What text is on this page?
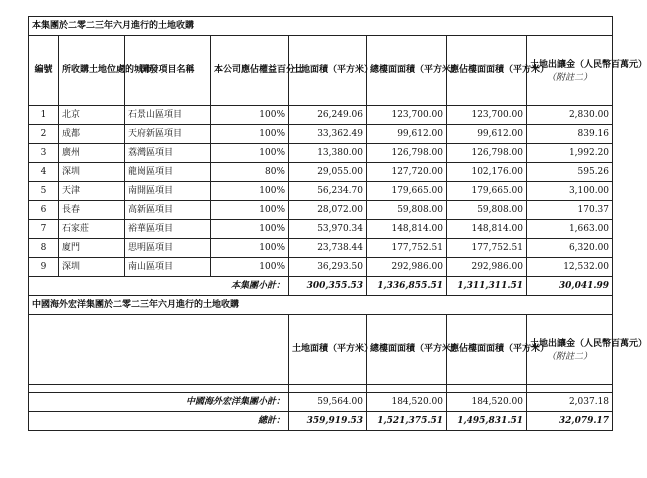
本集團於二零二三年六月進行的土地收購							
編號	所收購土地位處的城市	開發項目名稱	本公司應佔權益百分比	土地面積（平方米）	總樓面面積（平方米）	應佔樓面面積（平方米）	土地出讓金（人民幣百萬元）
（附註二）

1	北京	石景山區項目	100%	26,249.06	123,700.00	123,700.00	2,830.00
2	成都	天府新區項目	100%	33,362.49	99,612.00	99,612.00	839.16
3	廣州	荔灣區項目	100%	13,380.00	126,798.00	126,798.00	1,992.20
4	深圳	龍崗區項目	80%	29,055.00	127,720.00	102,176.00	595.26
5	天津	南開區項目	100%	56,234.70	179,665.00	179,665.00	3,100.00
6	長春	高新區項目	100%	28,072.00	59,808.00	59,808.00	170.37
7	石家莊	裕華區項目	100%	53,970.34	148,814.00	148,814.00	1,663.00
8	廈門	思明區項目	100%	23,738.44	177,752.51	177,752.51	6,320.00
9	深圳	南山區項目	100%	36,293.50	292,986.00	292,986.00	12,532.00
本集團小計：				300,355.53	1,336,855.51	1,311,311.51	30,041.99
中國海外宏洋集團於二零二三年六月進行的土地收購							
				土地面積（平方米）	總樓面面積（平方米）	應佔樓面面積（平方米）	土地出讓金（人民幣百萬元）
（附註二）

中國海外宏洋集團小計：				59,564.00	184,520.00	184,520.00	2,037.18
總計：				359,919.53	1,521,375.51	1,495,831.51	32,079.17
